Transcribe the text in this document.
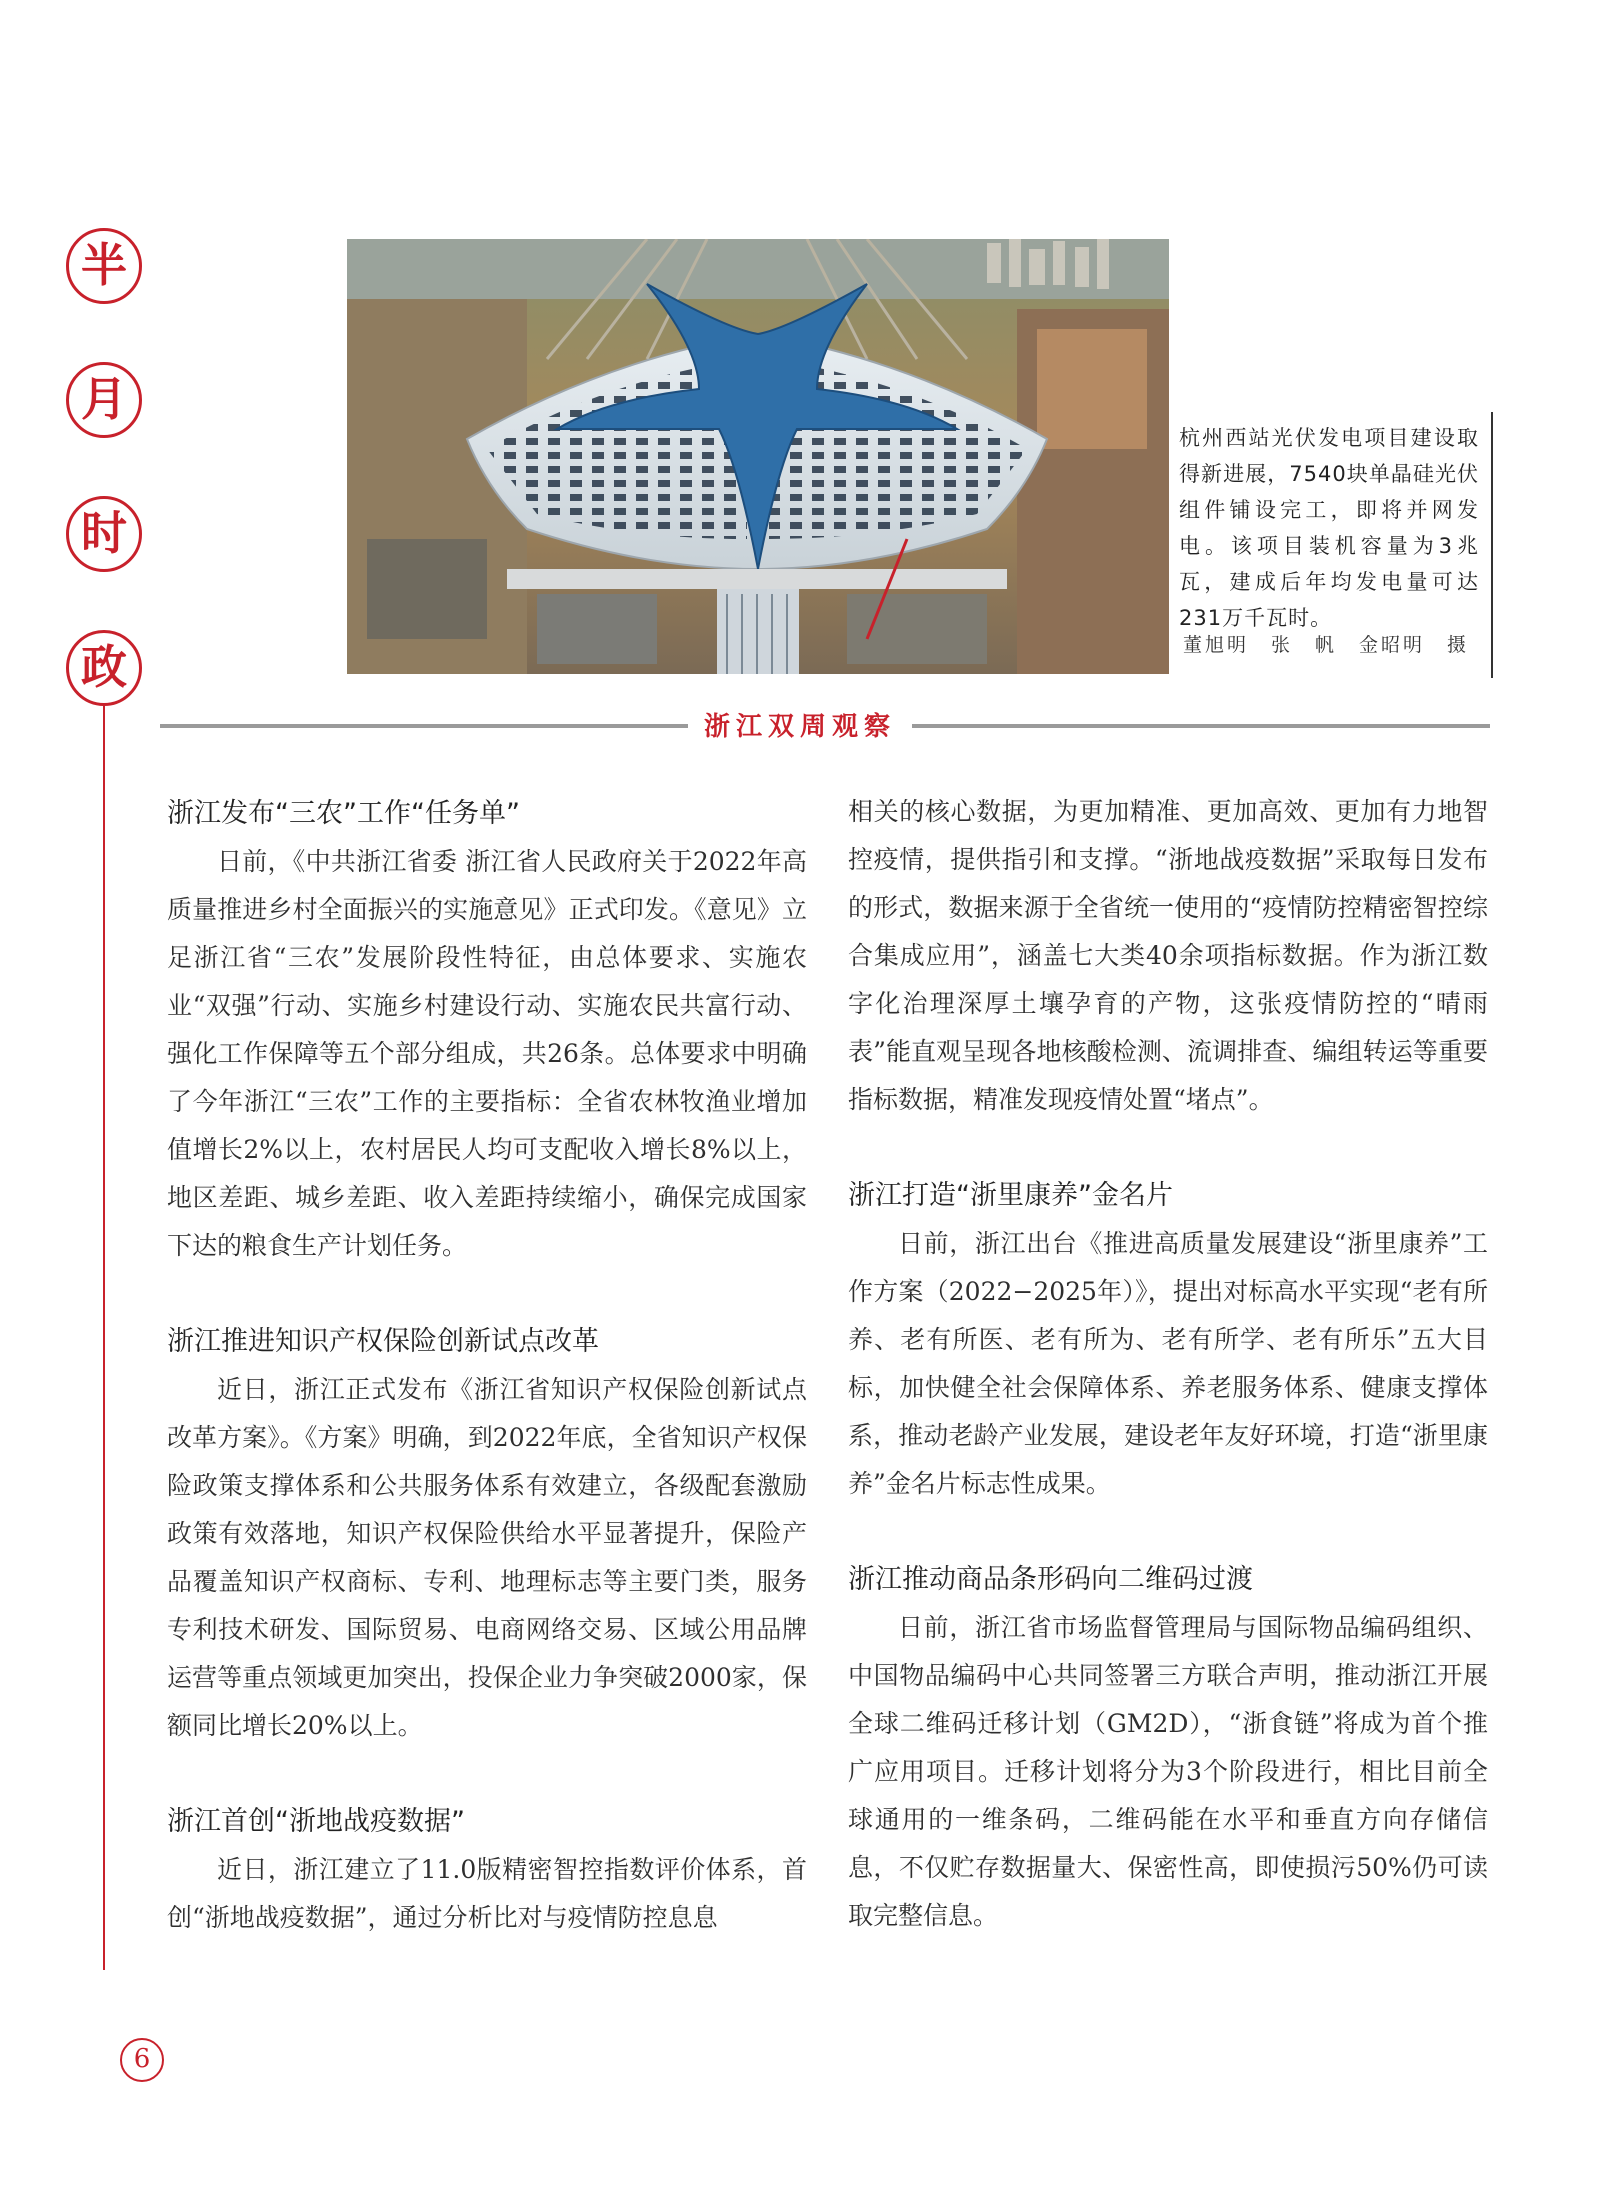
半
月
时
政
杭州西站光伏发电项目建设取得新进展，7540块单晶硅光伏组件铺设完工，即将并网发电。该项目装机容量为3兆瓦，建成后年均发电量可达231万千瓦时。
董旭明　张　帆　金昭明　摄
浙江双周观察
浙江发布“三农”工作“任务单”

日前，《中共浙江省委 浙江省人民政府关于2022年高质量推进乡村全面振兴的实施意见》正式印发。《意见》立足浙江省“三农”发展阶段性特征，由总体要求、实施农业“双强”行动、实施乡村建设行动、实施农民共富行动、强化工作保障等五个部分组成，共26条。总体要求中明确了今年浙江“三农”工作的主要指标：全省农林牧渔业增加值增长2%以上，农村居民人均可支配收入增长8%以上，地区差距、城乡差距、收入差距持续缩小，确保完成国家下达的粮食生产计划任务。

浙江推进知识产权保险创新试点改革

近日，浙江正式发布《浙江省知识产权保险创新试点改革方案》。《方案》明确，到2022年底，全省知识产权保险政策支撑体系和公共服务体系有效建立，各级配套激励政策有效落地，知识产权保险供给水平显著提升，保险产品覆盖知识产权商标、专利、地理标志等主要门类，服务专利技术研发、国际贸易、电商网络交易、区域公用品牌运营等重点领域更加突出，投保企业力争突破2000家，保额同比增长20%以上。

浙江首创“浙地战疫数据”

近日，浙江建立了11.0版精密智控指数评价体系，首创“浙地战疫数据”，通过分析比对与疫情防控息息

相关的核心数据，为更加精准、更加高效、更加有力地智控疫情，提供指引和支撑。“浙地战疫数据”采取每日发布的形式，数据来源于全省统一使用的“疫情防控精密智控综合集成应用”，涵盖七大类40余项指标数据。作为浙江数字化治理深厚土壤孕育的产物，这张疫情防控的“晴雨表”能直观呈现各地核酸检测、流调排查、编组转运等重要指标数据，精准发现疫情处置“堵点”。

浙江打造“浙里康养”金名片

日前，浙江出台《推进高质量发展建设“浙里康养”工作方案（2022−2025年）》，提出对标高水平实现“老有所养、老有所医、老有所为、老有所学、老有所乐”五大目标，加快健全社会保障体系、养老服务体系、健康支撑体系，推动老龄产业发展，建设老年友好环境，打造“浙里康养”金名片标志性成果。

浙江推动商品条形码向二维码过渡

日前，浙江省市场监督管理局与国际物品编码组织、中国物品编码中心共同签署三方联合声明，推动浙江开展全球二维码迁移计划（GM2D），“浙食链”将成为首个推广应用项目。迁移计划将分为3个阶段进行，相比目前全球通用的一维条码，二维码能在水平和垂直方向存储信息，不仅贮存数据量大、保密性高，即使损污50%仍可读取完整信息。

6
